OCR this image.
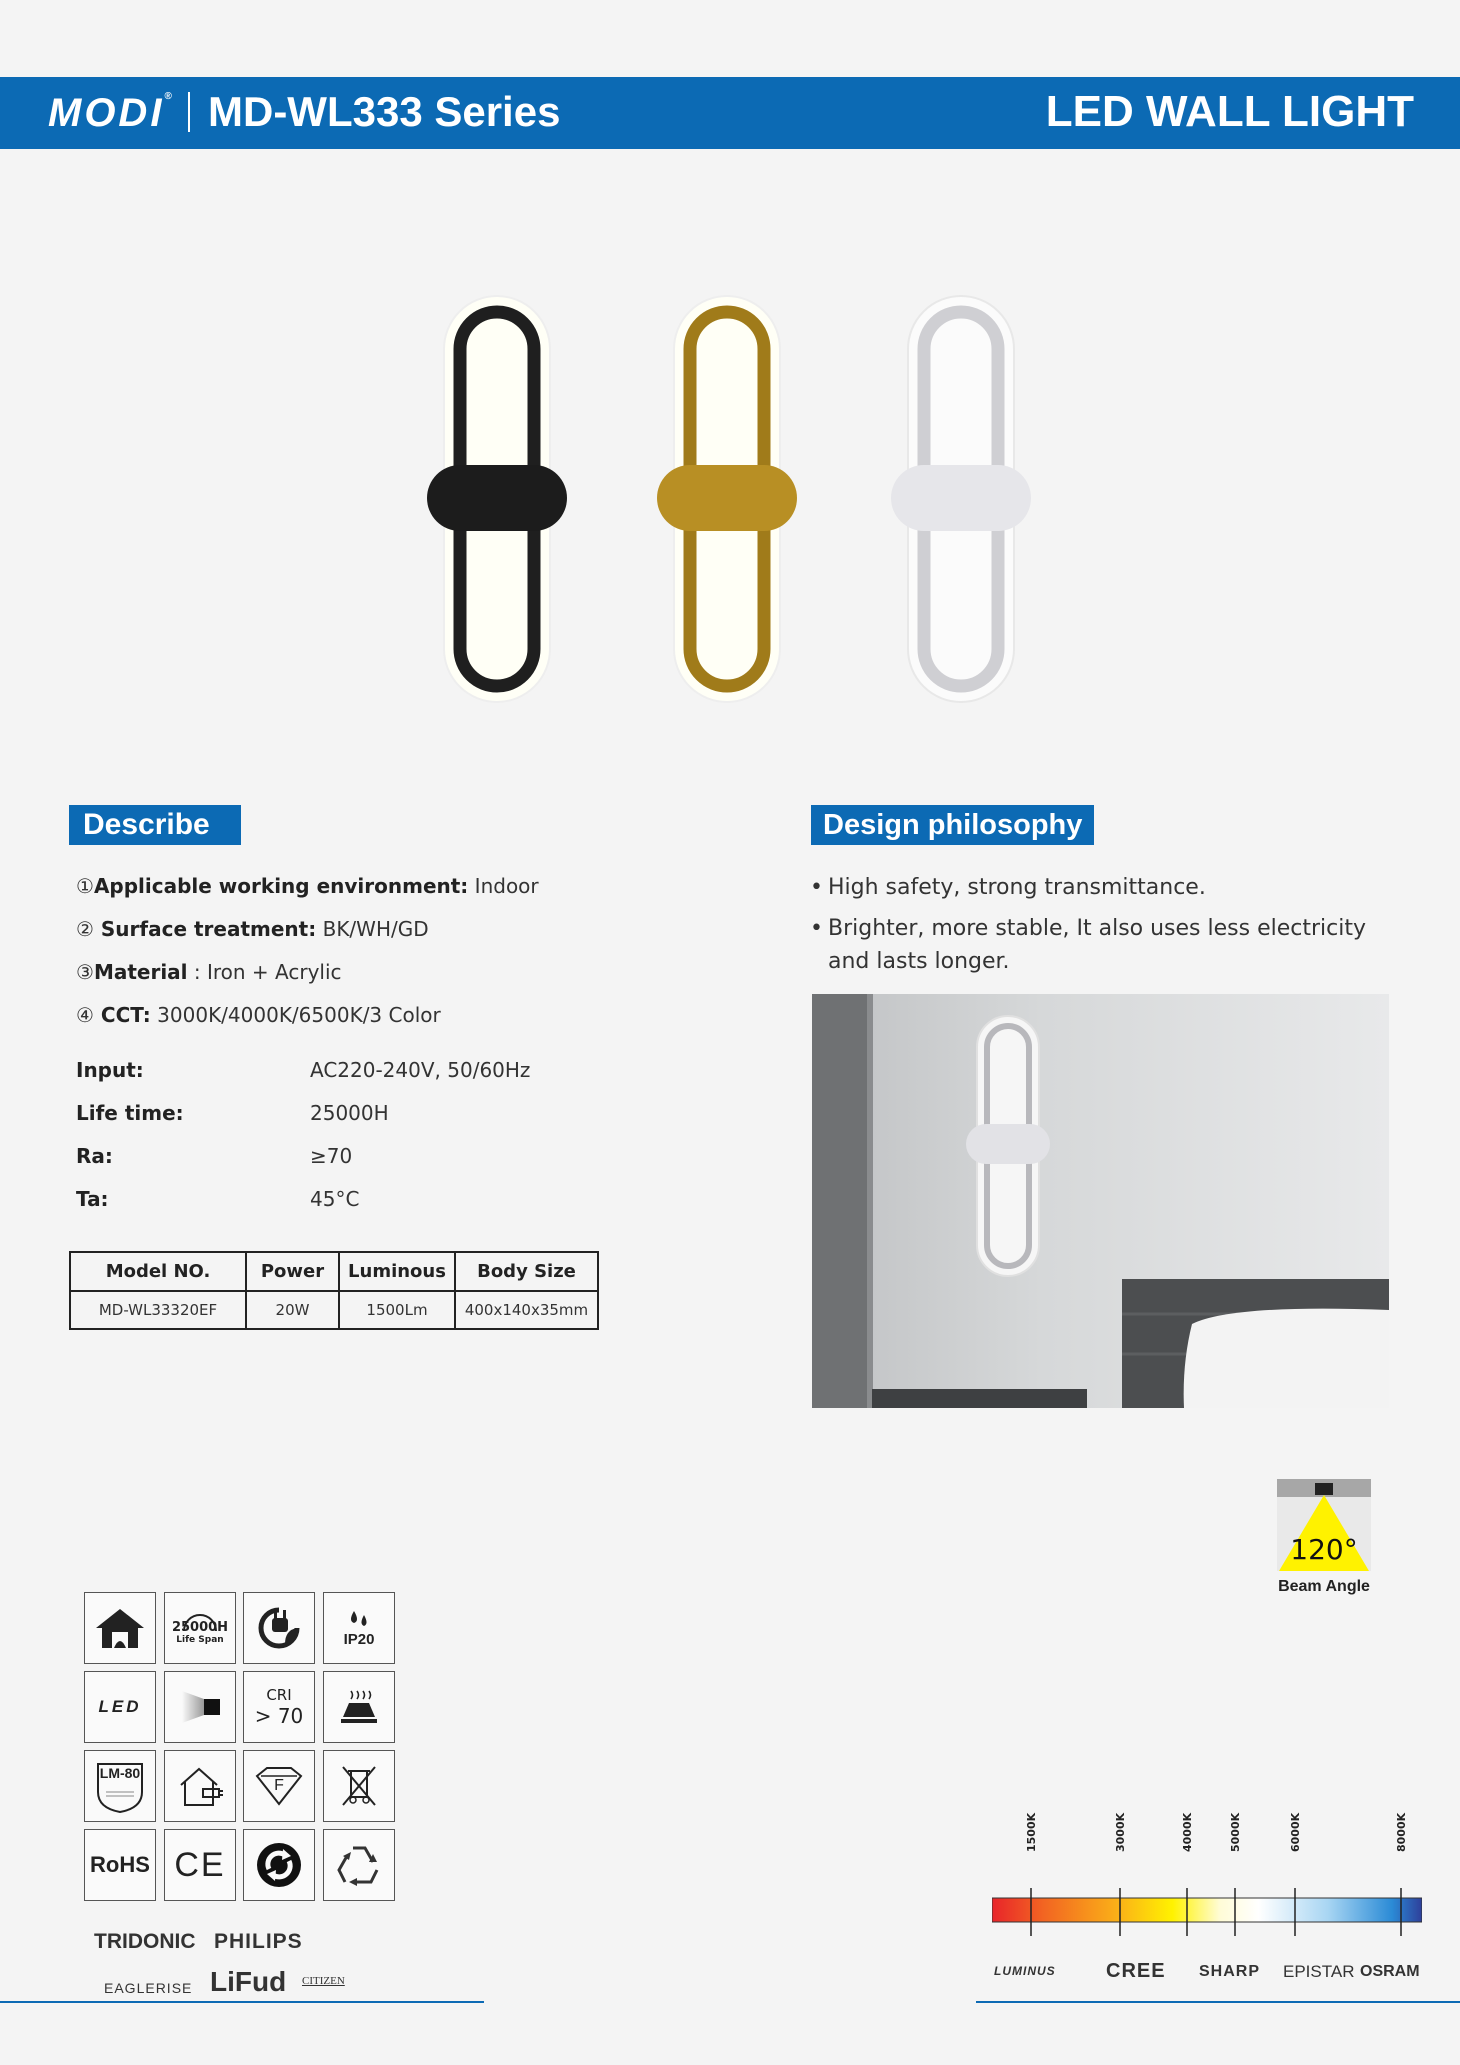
MODI® MD-WL333 Series	LED WALL LIGHT
Describe
①Applicable working environment: Indoor
② Surface treatment: BK/WH/GD
③Material : Iron + Acrylic
④ CCT: 3000K/4000K/6500K/3 Color
Input:	AC220-240V, 50/60Hz
Life time:	25000H
Ra:	≥70
Ta:	45°C
Model NO.	Power	Luminous	Body Size
MD-WL33320EF	20W	1500Lm	400x140x35mm
Design philosophy
• High safety, strong transmittance.
• Brighter, more stable, It also uses less electricity and lasts longer.
120°
Beam Angle
25000H
Life Span	IP20
LED
CRI
> 70
LM-80
F
RoHS CE
TRIDONIC PHILIPS
EAGLERISE LiFud CITIZEN
1500K	3000K	4000K	5000K	6000K	8000K
LUMINUS	CREE SHARP EPISTAR OSRAM
